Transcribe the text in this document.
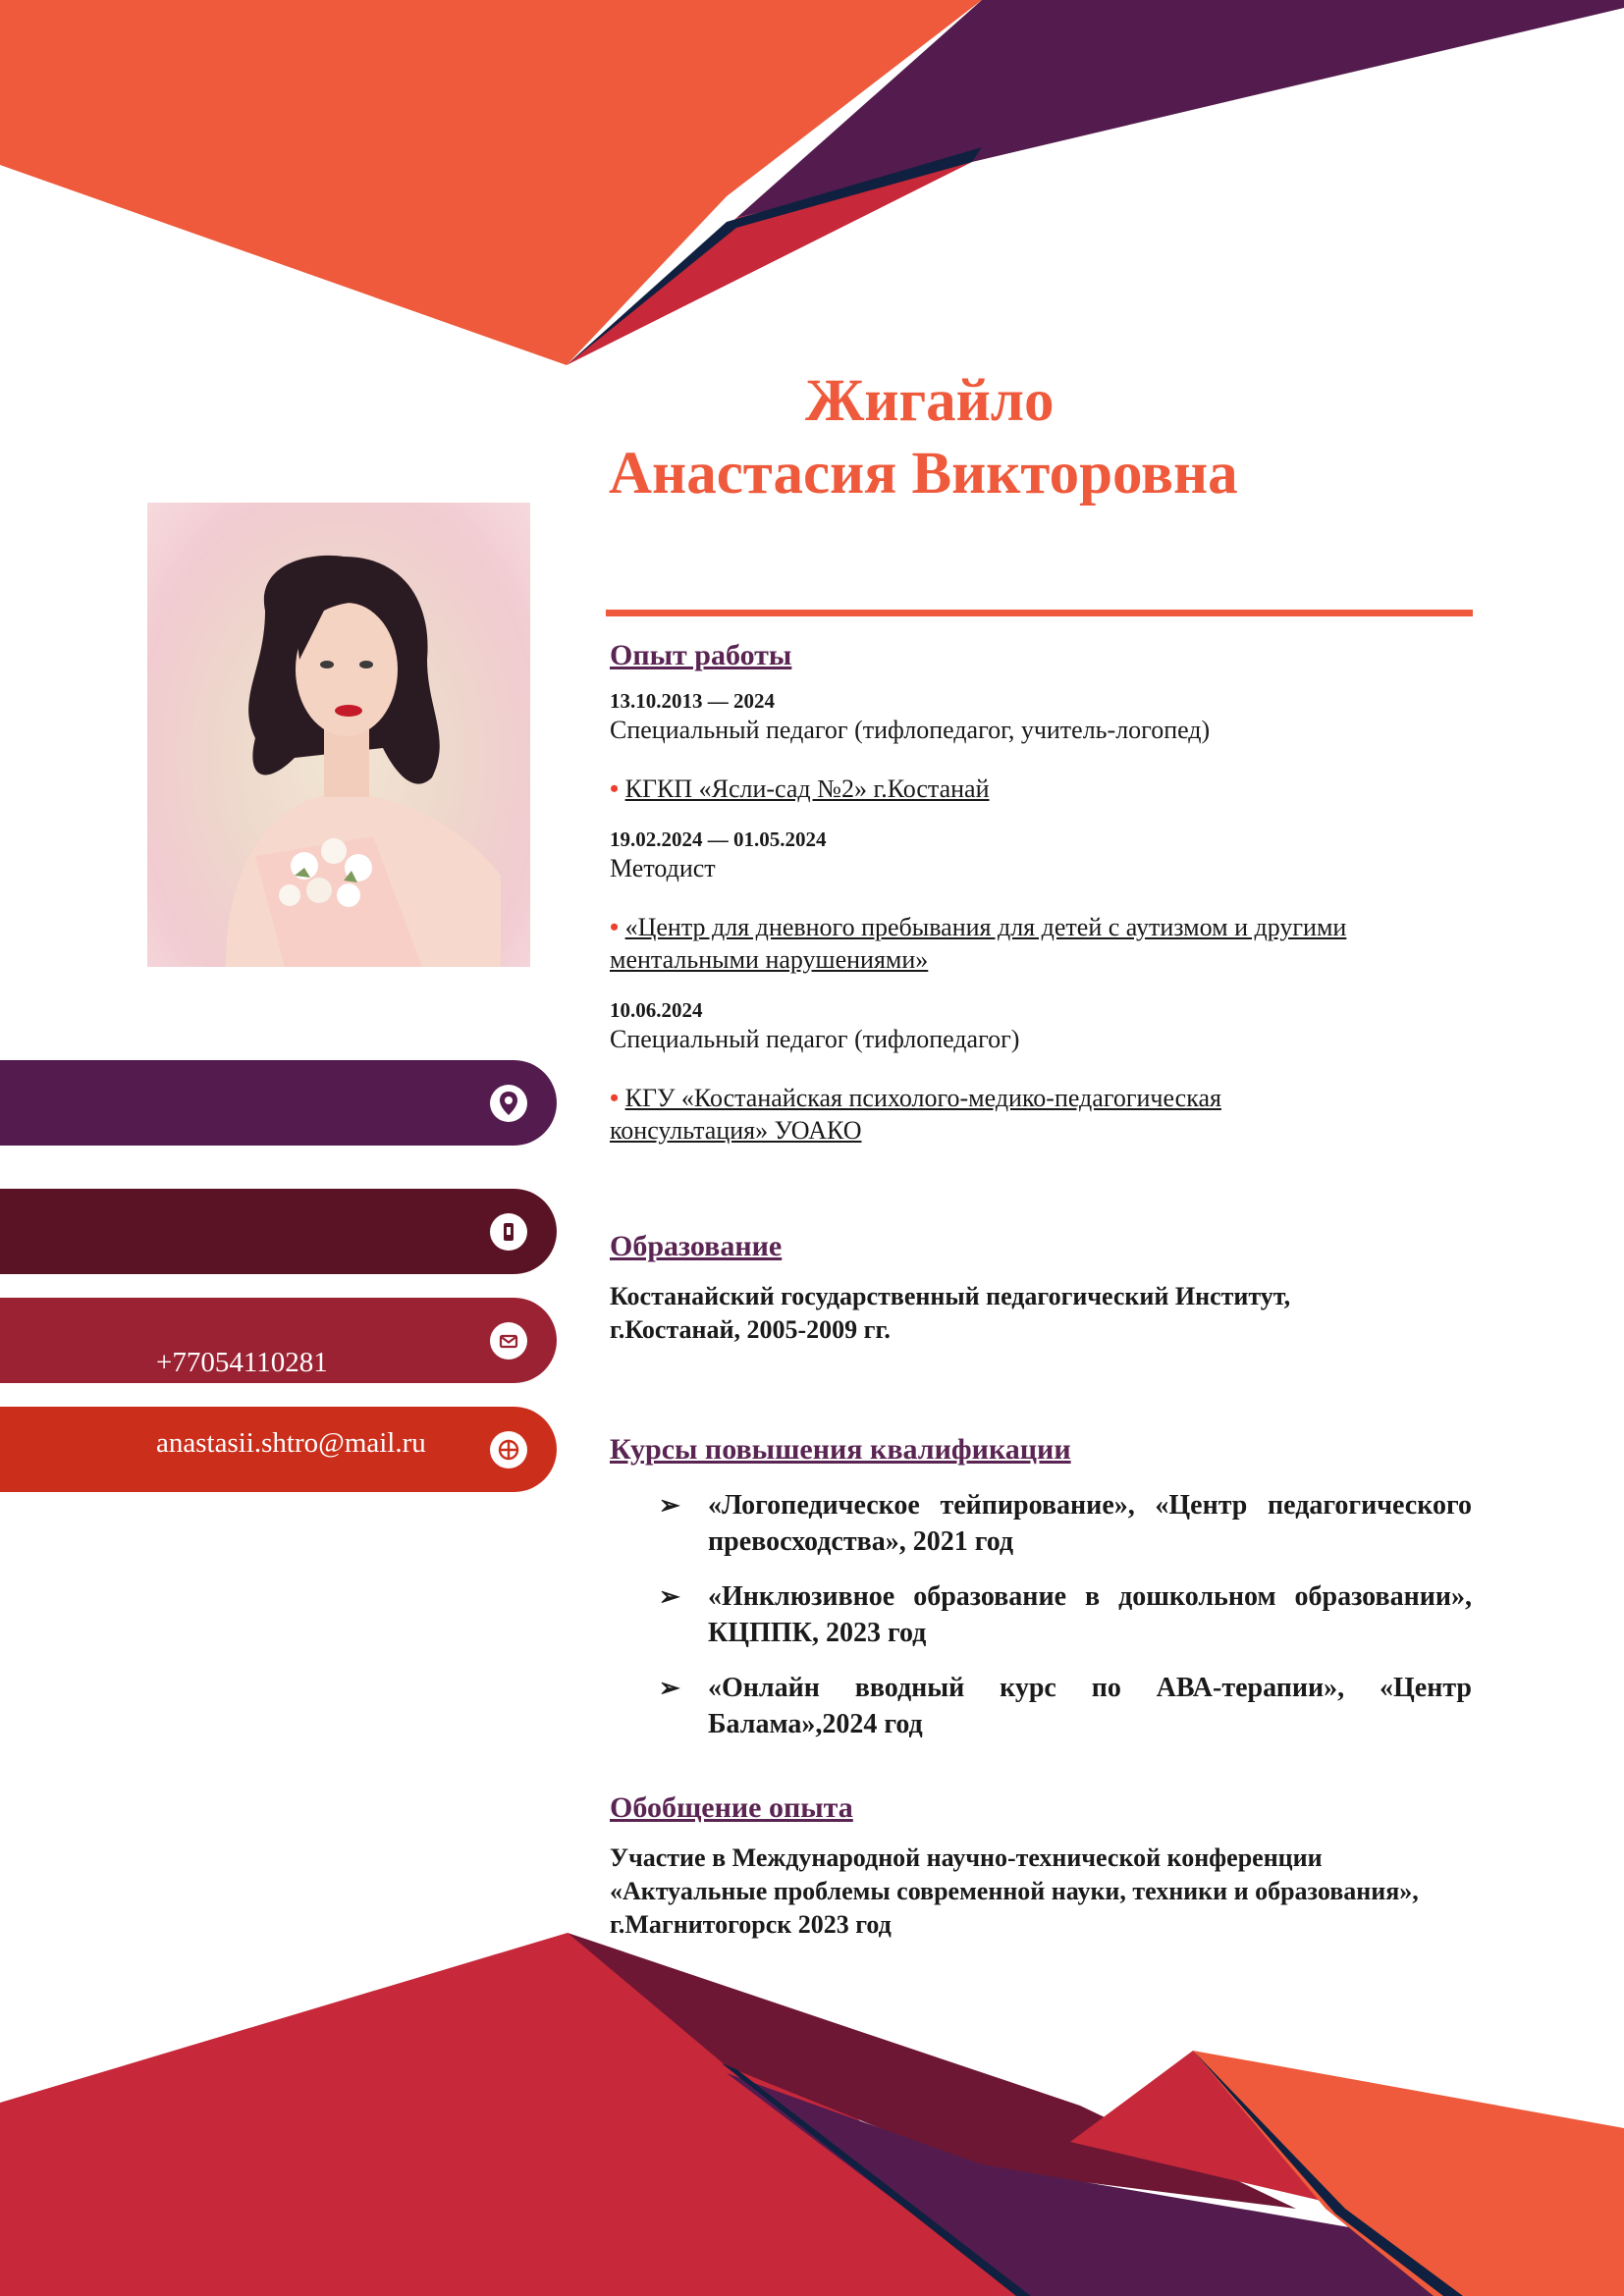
Жигайло
Анастасия Викторовна
+77054110281
anastasii.shtro@mail.ru
Опыт работы
13.10.2013 — 2024
Специальный педагог (тифлопедагог, учитель-логопед)
• КГКП «Ясли-сад №2» г.Костанай
19.02.2024 — 01.05.2024
Методист
• «Центр для дневного пребывания для детей с аутизмом и другими ментальными нарушениями»
10.06.2024
Специальный педагог (тифлопедагог)
• КГУ «Костанайская психолого-медико-педагогическая консультация» УОАКО
Образование
Костанайский государственный педагогический Институт, г.Костанай, 2005-2009 гг.
Курсы повышения квалификации
➢ «Логопедическое тейпирование», «Центр педагогического превосходства», 2021 год
➢ «Инклюзивное образование в дошкольном образовании», КЦППК, 2023 год
➢ «Онлайн вводный курс по АВА-терапии», «Центр Балама»,2024 год
Обобщение опыта
Участие в Международной научно-технической конференции «Актуальные проблемы современной науки, техники и образования», г.Магнитогорск 2023 год
